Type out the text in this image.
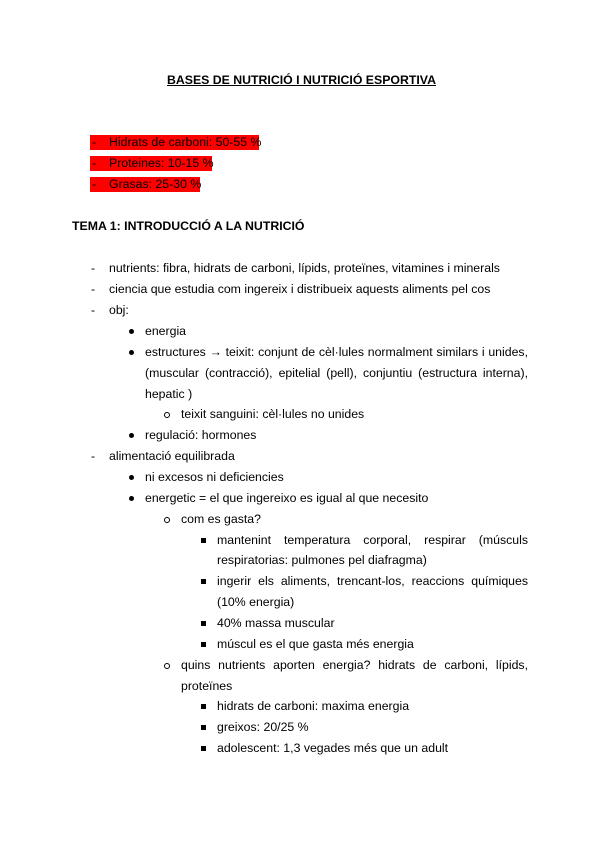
BASES DE NUTRICIÓ I NUTRICIÓ ESPORTIVA
- Hidrats de carboni: 50-55 %
- Proteines: 10-15 %
- Grasas: 25-30 %
TEMA 1: INTRODUCCIÓ A LA NUTRICIÓ
- nutrients: fibra, hidrats de carboni, lípids, proteïnes, vitamines i minerals
- ciencia que estudia com ingereix i distribueix aquests aliments pel cos
- obj:
energia
estructures → teixit: conjunt de cèl·lules normalment similars i unides,
(muscular (contracció), epitelial (pell), conjuntiu (estructura interna),
hepatic )
teixit sanguini: cèl·lules no unides
regulació: hormones
- alimentació equilibrada
ni excesos ni deficiencies
energetic = el que ingereixo es igual al que necesito
com es gasta?
mantenint temperatura corporal, respirar (músculs
respiratorias: pulmones pel diafragma)
ingerir els aliments, trencant-los, reaccions químiques
(10% energia)
40% massa muscular
múscul es el que gasta més energia
quins nutrients aporten energia? hidrats de carboni, lípids,
proteïnes
hidrats de carboni: maxima energia
greixos: 20/25 %
adolescent: 1,3 vegades més que un adult
